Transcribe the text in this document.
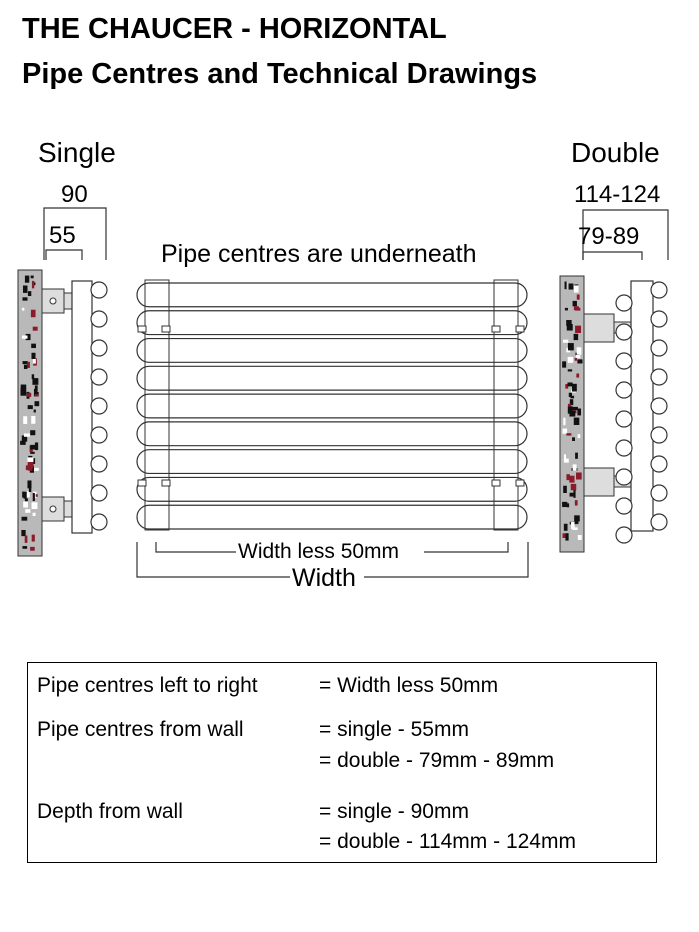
THE CHAUCER - HORIZONTAL
Pipe Centres and Technical Drawings
Single
90
55
Double
114-124
79-89
Pipe centres are underneath
Width less 50mm
Width
Pipe centres left to right	= Width less 50mm
Pipe centres from wall	= single - 55mm
= double - 79mm - 89mm
Depth from wall	= single - 90mm
= double - 114mm - 124mm
